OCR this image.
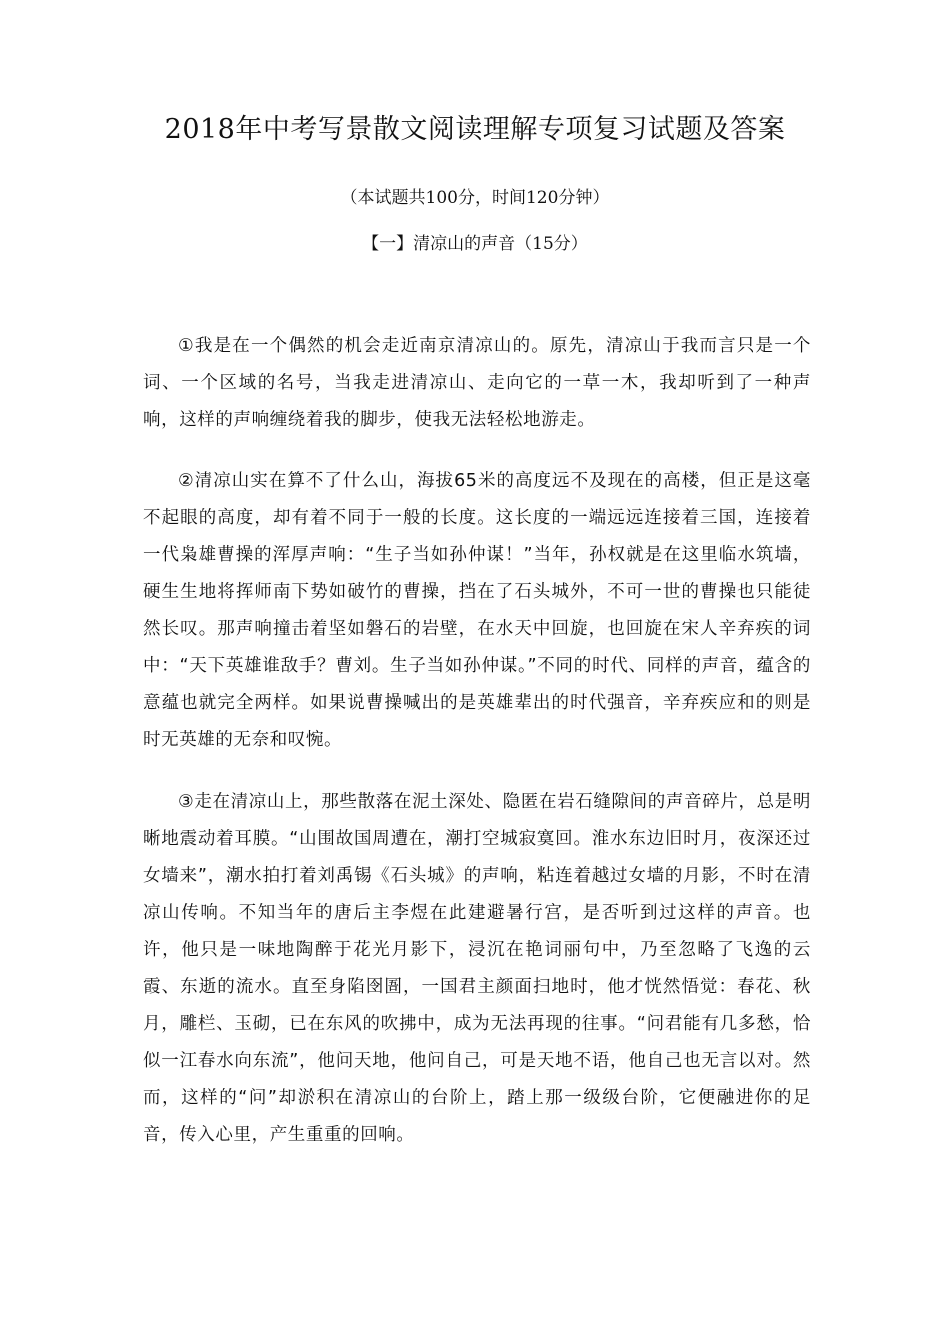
2018年中考写景散文阅读理解专项复习试题及答案

（本试题共100分，时间120分钟）

【一】清凉山的声音（15分）

①我是在一个偶然的机会走近南京清凉山的。原先，清凉山于我而言只是一个词、一个区域的名号，当我走进清凉山、走向它的一草一木，我却听到了一种声响，这样的声响缠绕着我的脚步，使我无法轻松地游走。

②清凉山实在算不了什么山，海拔65米的高度远不及现在的高楼，但正是这毫不起眼的高度，却有着不同于一般的长度。这长度的一端远远连接着三国，连接着一代枭雄曹操的浑厚声响：“生子当如孙仲谋！”当年，孙权就是在这里临水筑墙，硬生生地将挥师南下势如破竹的曹操，挡在了石头城外，不可一世的曹操也只能徒然长叹。那声响撞击着坚如磐石的岩壁，在水天中回旋，也回旋在宋人辛弃疾的词中：“天下英雄谁敌手？曹刘。生子当如孙仲谋。”不同的时代、同样的声音，蕴含的意蕴也就完全两样。如果说曹操喊出的是英雄辈出的时代强音，辛弃疾应和的则是时无英雄的无奈和叹惋。

③走在清凉山上，那些散落在泥土深处、隐匿在岩石缝隙间的声音碎片，总是明晰地震动着耳膜。“山围故国周遭在，潮打空城寂寞回。淮水东边旧时月，夜深还过女墙来”，潮水拍打着刘禹锡《石头城》的声响，粘连着越过女墙的月影，不时在清凉山传响。不知当年的唐后主李煜在此建避暑行宫，是否听到过这样的声音。也许，他只是一味地陶醉于花光月影下，浸沉在艳词丽句中，乃至忽略了飞逸的云霞、东逝的流水。直至身陷囹圄，一国君主颜面扫地时，他才恍然悟觉：春花、秋月，雕栏、玉砌，已在东风的吹拂中，成为无法再现的往事。“问君能有几多愁，恰似一江春水向东流”，他问天地，他问自己，可是天地不语，他自己也无言以对。然而，这样的“问”却淤积在清凉山的台阶上，踏上那一级级台阶，它便融进你的足音，传入心里，产生重重的回响。
